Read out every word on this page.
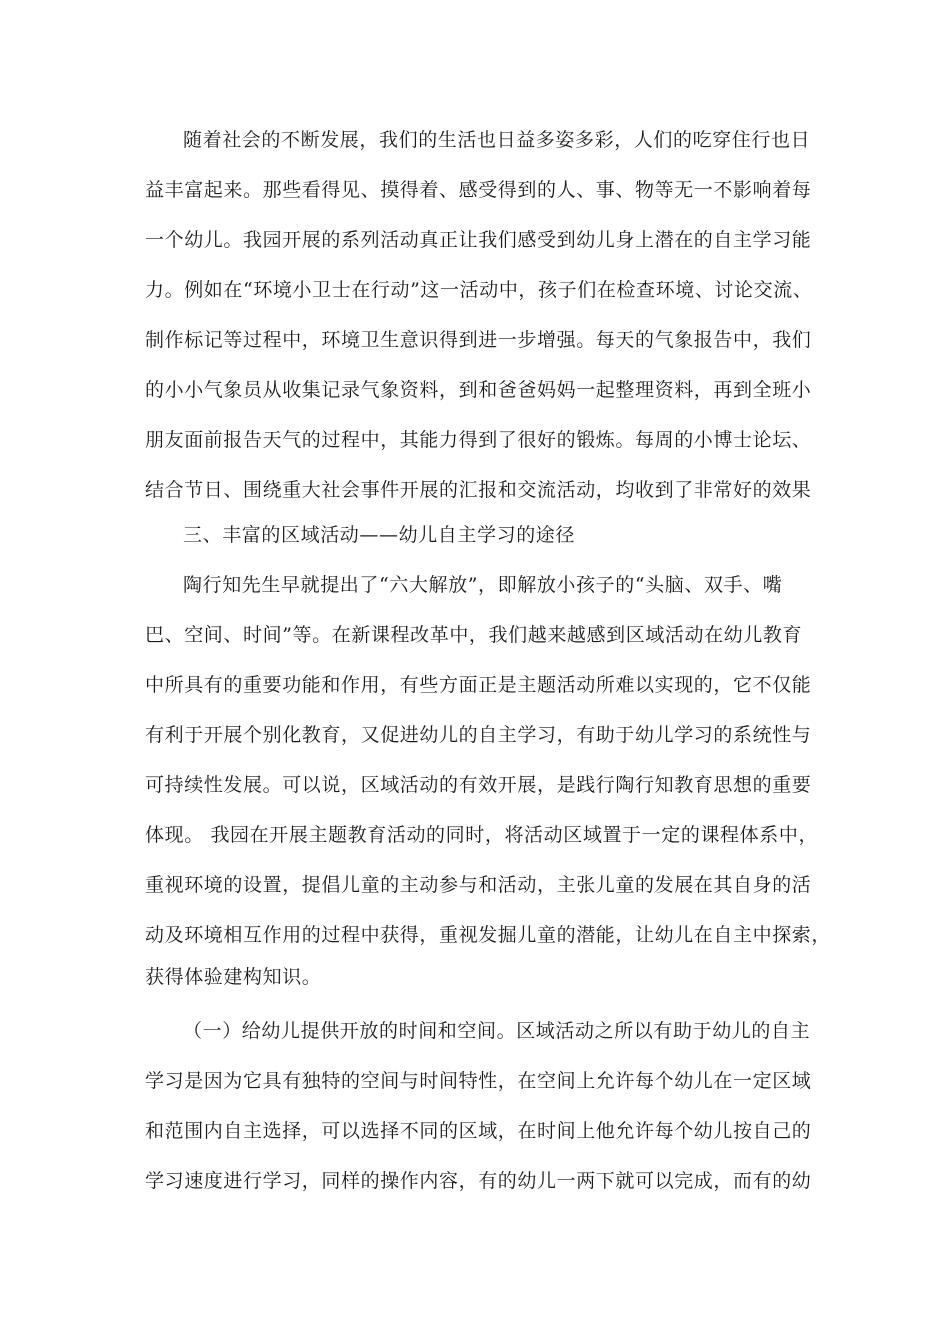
随着社会的不断发展，我们的生活也日益多姿多彩，人们的吃穿住行也日
益丰富起来。那些看得见、摸得着、感受得到的人、事、物等无一不影响着每
一个幼儿。我园开展的系列活动真正让我们感受到幼儿身上潜在的自主学习能
力。例如在“环境小卫士在行动”这一活动中，孩子们在检查环境、讨论交流、
制作标记等过程中，环境卫生意识得到进一步增强。每天的气象报告中，我们
的小小气象员从收集记录气象资料，到和爸爸妈妈一起整理资料，再到全班小
朋友面前报告天气的过程中，其能力得到了很好的锻炼。每周的小博士论坛、
结合节日、围绕重大社会事件开展的汇报和交流活动，均收到了非常好的效果
三、丰富的区域活动——幼儿自主学习的途径
陶行知先生早就提出了“六大解放”，即解放小孩子的“头脑、双手、嘴
巴、空间、时间”等。在新课程改革中，我们越来越感到区域活动在幼儿教育
中所具有的重要功能和作用，有些方面正是主题活动所难以实现的，它不仅能
有利于开展个别化教育，又促进幼儿的自主学习，有助于幼儿学习的系统性与
可持续性发展。可以说，区域活动的有效开展，是践行陶行知教育思想的重要
体现。 我园在开展主题教育活动的同时，将活动区域置于一定的课程体系中，
重视环境的设置，提倡儿童的主动参与和活动，主张儿童的发展在其自身的活
动及环境相互作用的过程中获得，重视发掘儿童的潜能，让幼儿在自主中探索，
获得体验建构知识。
（一）给幼儿提供开放的时间和空间。区域活动之所以有助于幼儿的自主
学习是因为它具有独特的空间与时间特性，在空间上允许每个幼儿在一定区域
和范围内自主选择，可以选择不同的区域，在时间上他允许每个幼儿按自己的
学习速度进行学习，同样的操作内容，有的幼儿一两下就可以完成，而有的幼
